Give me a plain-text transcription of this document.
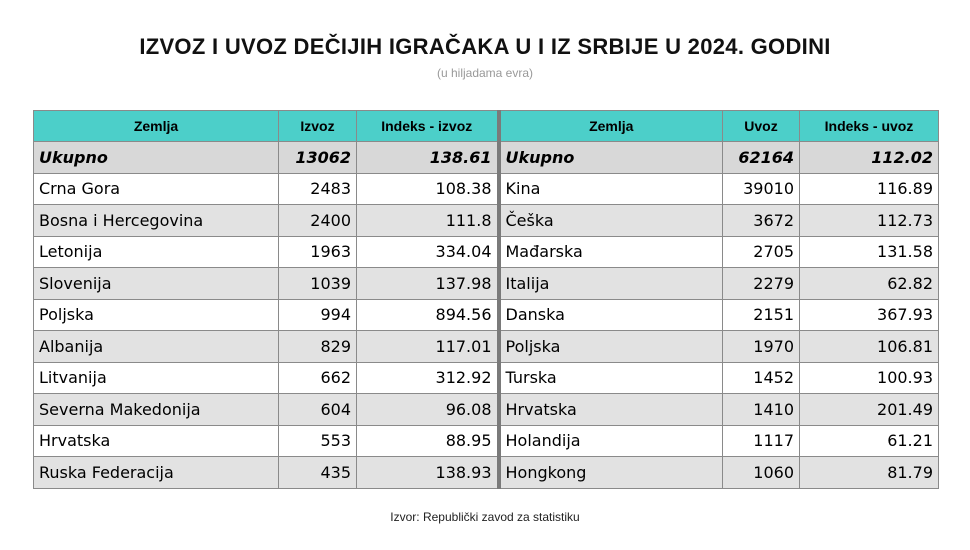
IZVOZ I UVOZ DEČIJIH IGRAČAKA U I IZ SRBIJE U 2024. GODINI
(u hiljadama evra)
Zemlja	Izvoz	Indeks - izvoz	Zemlja	Uvoz	Indeks - uvoz
Ukupno	13062	138.61	Ukupno	62164	112.02
Crna Gora	2483	108.38	Kina	39010	116.89
Bosna i Hercegovina	2400	111.8	Češka	3672	112.73
Letonija	1963	334.04	Mađarska	2705	131.58
Slovenija	1039	137.98	Italija	2279	62.82
Poljska	994	894.56	Danska	2151	367.93
Albanija	829	117.01	Poljska	1970	106.81
Litvanija	662	312.92	Turska	1452	100.93
Severna Makedonija	604	96.08	Hrvatska	1410	201.49
Hrvatska	553	88.95	Holandija	1117	61.21
Ruska Federacija	435	138.93	Hongkong	1060	81.79
Izvor: Republički zavod za statistiku
